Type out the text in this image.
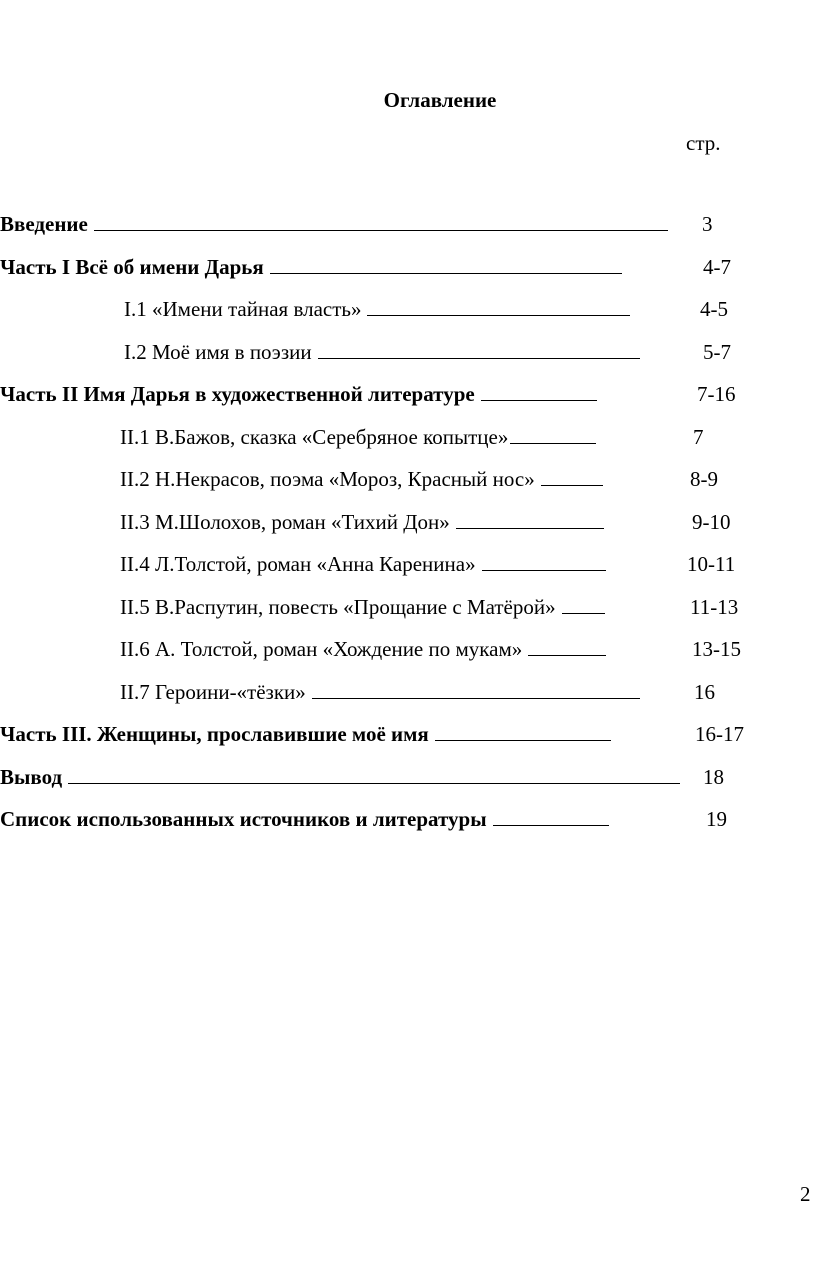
Оглавление
стр.
Введение	3
Часть I Всё об имени Дарья	4-7
I.1 «Имени тайная власть»	4-5
I.2 Моё имя в поэзии	5-7
Часть II Имя Дарья в художественной литературе	7-16
II.1 В.Бажов, сказка «Серебряное копытце»	7
II.2 Н.Некрасов, поэма «Мороз, Красный нос»	8-9
II.3 М.Шолохов, роман «Тихий Дон»	9-10
II.4 Л.Толстой, роман «Анна Каренина»	10-11
II.5 В.Распутин, повесть «Прощание с Матёрой»	11-13
II.6 А. Толстой, роман «Хождение по мукам»	13-15
II.7 Героини-«тёзки»	16
Часть III. Женщины, прославившие моё имя	16-17
Вывод	18
Список использованных источников и литературы	19
2
